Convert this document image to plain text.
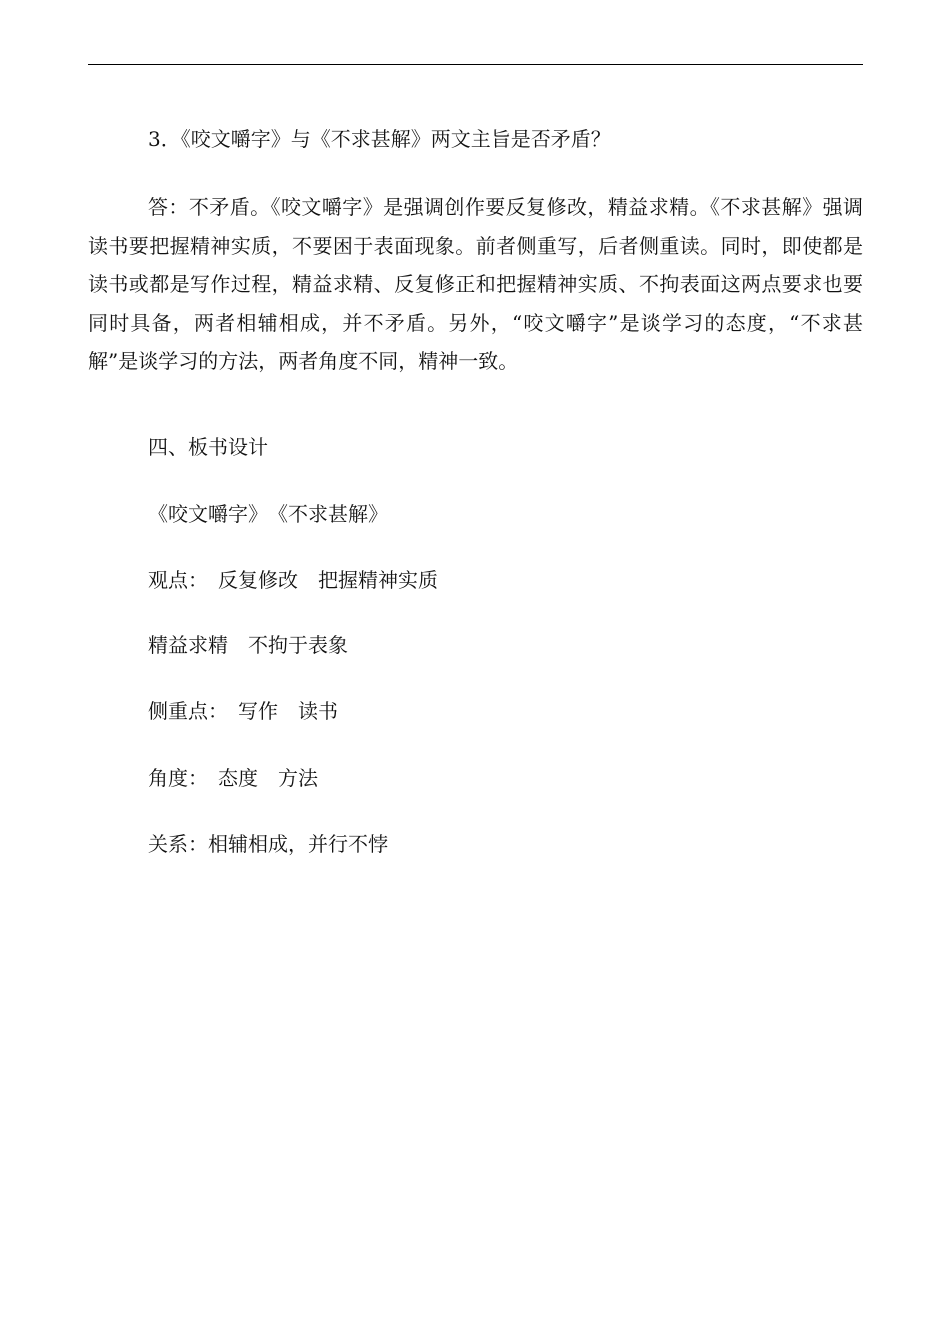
3．《咬文嚼字》与《不求甚解》两文主旨是否矛盾？

答：不矛盾。《咬文嚼字》是强调创作要反复修改，精益求精。《不求甚解》强调读书要把握精神实质，不要困于表面现象。前者侧重写，后者侧重读。同时，即使都是读书或都是写作过程，精益求精、反复修正和把握精神实质、不拘表面这两点要求也要同时具备，两者相辅相成，并不矛盾。另外，“咬文嚼字”是谈学习的态度，“不求甚解”是谈学习的方法，两者角度不同，精神一致。

四、板书设计

《咬文嚼字》　《不求甚解》

观点：　反复修改　把握精神实质

精益求精　不拘于表象

侧重点：　写作　读书

角度：　态度　方法

关系：相辅相成，并行不悖
